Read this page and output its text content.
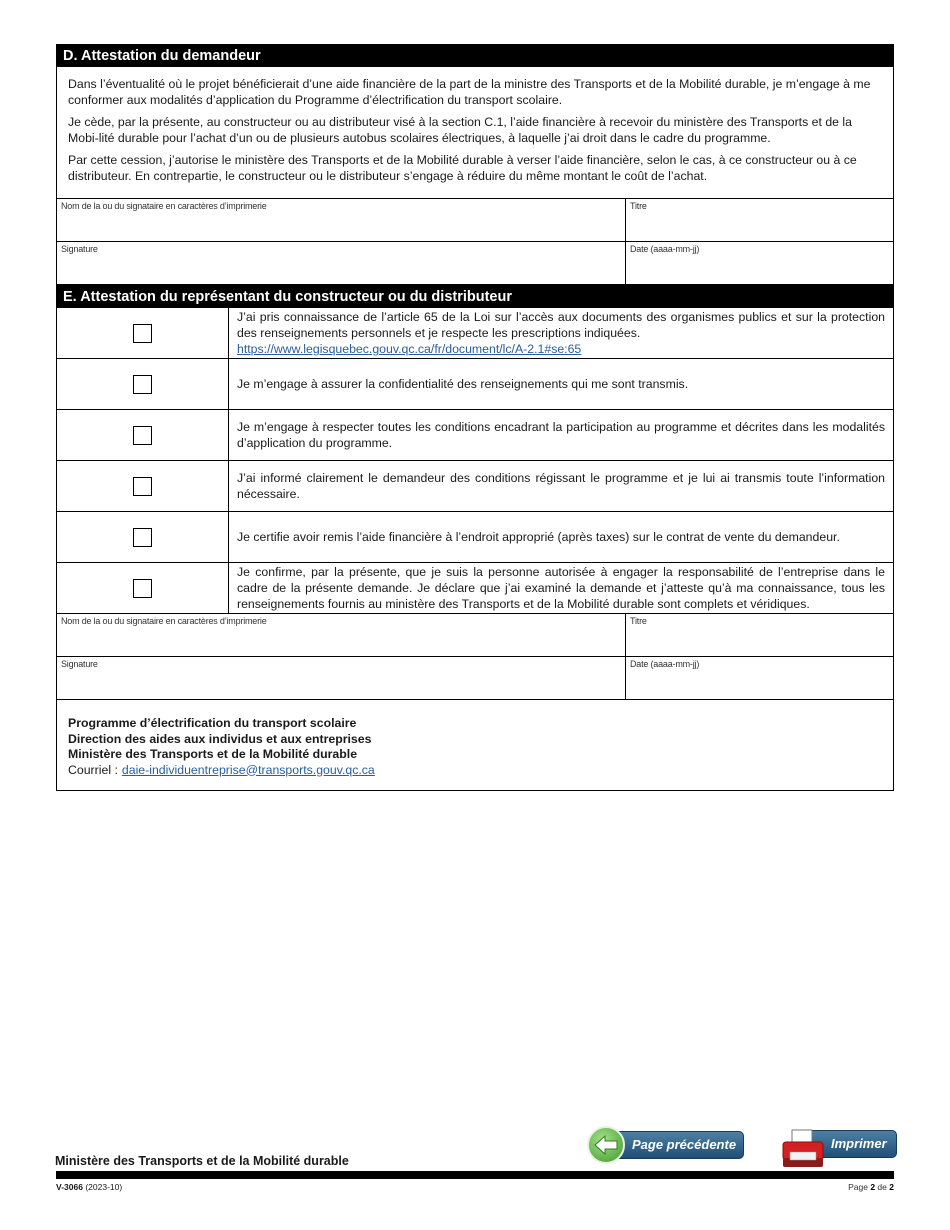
D. Attestation du demandeur

Dans l’éventualité où le projet bénéficierait d’une aide financière de la part de la ministre des Transports et de la Mobilité durable, je m’engage à me conformer aux modalités d’application du Programme d’électrification du transport scolaire.

Je cède, par la présente, au constructeur ou au distributeur visé à la section C.1, l’aide financière à recevoir du ministère des Transports et de la Mobi-lité durable pour l’achat d’un ou de plusieurs autobus scolaires électriques, à laquelle j’ai droit dans le cadre du programme.

Par cette cession, j’autorise le ministère des Transports et de la Mobilité durable à verser l’aide financière, selon le cas, à ce constructeur ou à ce distributeur. En contrepartie, le constructeur ou le distributeur s’engage à réduire du même montant le coût de l’achat.

Nom de la ou du signataire en caractères d’imprimerie	Titre
Signature	Date (aaaa-mm-jj)
E. Attestation du représentant du constructeur ou du distributeur
J’ai pris connaissance de l’article 65 de la Loi sur l’accès aux documents des organismes publics et sur la protection des renseignements personnels et je respecte les prescriptions indiquées.
https://www.legisquebec.gouv.qc.ca/fr/document/lc/A-2.1#se:65
Je m’engage à assurer la confidentialité des renseignements qui me sont transmis.
Je m’engage à respecter toutes les conditions encadrant la participation au programme et décrites dans les modalités d’application du programme.
J’ai informé clairement le demandeur des conditions régissant le programme et je lui ai transmis toute l’information nécessaire.
Je certifie avoir remis l’aide financière à l’endroit approprié (après taxes) sur le contrat de vente du demandeur.
Je confirme, par la présente, que je suis la personne autorisée à engager la responsabilité de l’entreprise dans le cadre de la présente demande. Je déclare que j’ai examiné la demande et j’atteste qu’à ma connaissance, tous les renseignements fournis au ministère des Transports et de la Mobilité durable sont complets et véridiques.
Nom de la ou du signataire en caractères d’imprimerie	Titre
Signature	Date (aaaa-mm-jj)
Programme d’électrification du transport scolaire
Direction des aides aux individus et aux entreprises
Ministère des Transports et de la Mobilité durable
Courriel : daie-individuentreprise@transports.gouv.qc.ca
Page précédente	Imprimer
Ministère des Transports et de la Mobilité durable
V-3066 (2023-10)	Page 2 de 2
